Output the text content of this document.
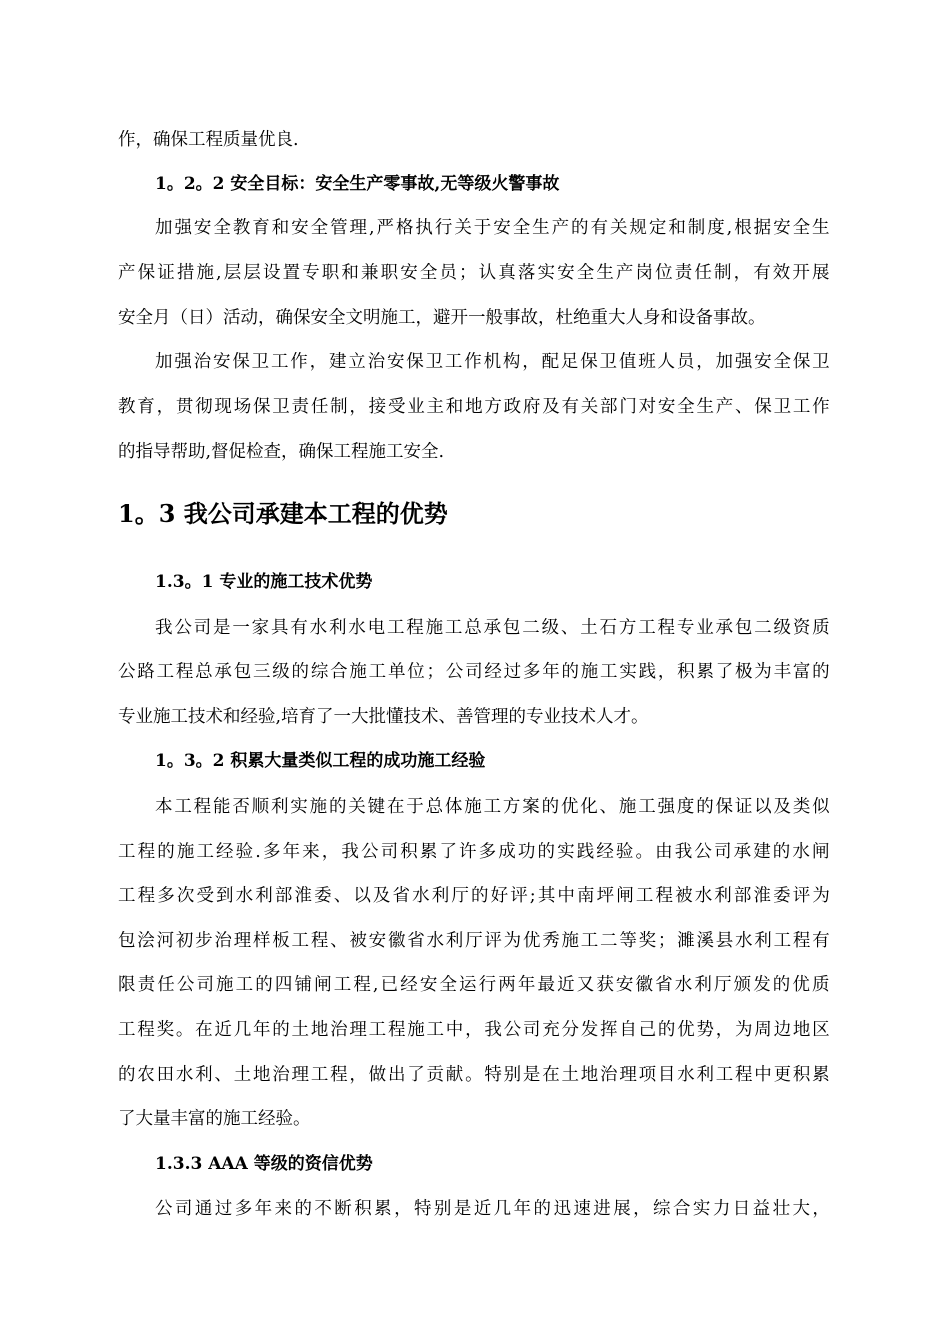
作，确保工程质量优良.
1。2。2 安全目标：安全生产零事故,无等级火警事故
加 强 安 全 教 育 和 安 全 管 理 , 严 格 执 行 关 于 安 全 生 产 的 有 关 规 定 和 制 度 , 根 据 安 全 生
产 保 证 措 施 , 层 层 设 置 专 职 和 兼 职 安 全 员 ； 认 真 落 实 安 全 生 产 岗 位 责 任 制 ， 有 效 开 展
安全月（日）活动，确保安全文明施工，避开一般事故，杜绝重大人身和设备事故。
加 强 治 安 保 卫 工 作 ， 建 立 治 安 保 卫 工 作 机 构 ， 配 足 保 卫 值 班 人 员 ， 加 强 安 全 保 卫
教 育 ， 贯 彻 现 场 保 卫 责 任 制 ， 接 受 业 主 和 地 方 政 府 及 有 关 部 门 对 安 全 生 产 、 保 卫 工 作
的指导帮助,督促检查，确保工程施工安全.
1。3 我公司承建本工程的优势
1.3。1 专业的施工技术优势
我 公 司 是 一 家 具 有 水 利 水 电 工 程 施 工 总 承 包 二 级 、 土 石 方 工 程 专 业 承 包 二 级 资 质
公 路 工 程 总 承 包 三 级 的 综 合 施 工 单 位 ； 公 司 经 过 多 年 的 施 工 实 践 ， 积 累 了 极 为 丰 富 的
专业施工技术和经验,培育了一大批懂技术、善管理的专业技术人才。
1。3。2 积累大量类似工程的成功施工经验
本 工 程 能 否 顺 利 实 施 的 关 键 在 于 总 体 施 工 方 案 的 优 化 、 施 工 强 度 的 保 证 以 及 类 似
工 程 的 施 工 经 验 . 多 年 来 ， 我 公 司 积 累 了 许 多 成 功 的 实 践 经 验 。 由 我 公 司 承 建 的 水 闸
工 程 多 次 受 到 水 利 部 淮 委 、 以 及 省 水 利 厅 的 好 评 ; 其 中 南 坪 闸 工 程 被 水 利 部 淮 委 评 为
包 浍 河 初 步 治 理 样 板 工 程 、 被 安 徽 省 水 利 厅 评 为 优 秀 施 工 二 等 奖 ； 濉 溪 县 水 利 工 程 有
限 责 任 公 司 施 工 的 四 铺 闸 工 程 , 已 经 安 全 运 行 两 年 最 近 又 获 安 徽 省 水 利 厅 颁 发 的 优 质
工 程 奖 。 在 近 几 年 的 土 地 治 理 工 程 施 工 中 ， 我 公 司 充 分 发 挥 自 己 的 优 势 ， 为 周 边 地 区
的 农 田 水 利 、 土 地 治 理 工 程 ， 做 出 了 贡 献 。 特 别 是 在 土 地 治 理 项 目 水 利 工 程 中 更 积 累
了大量丰富的施工经验。
1.3.3 AAA 等级的资信优势
公 司 通 过 多 年 来 的 不 断 积 累 ， 特 别 是 近 几 年 的 迅 速 进 展 ， 综 合 实 力 日 益 壮 大 ，
